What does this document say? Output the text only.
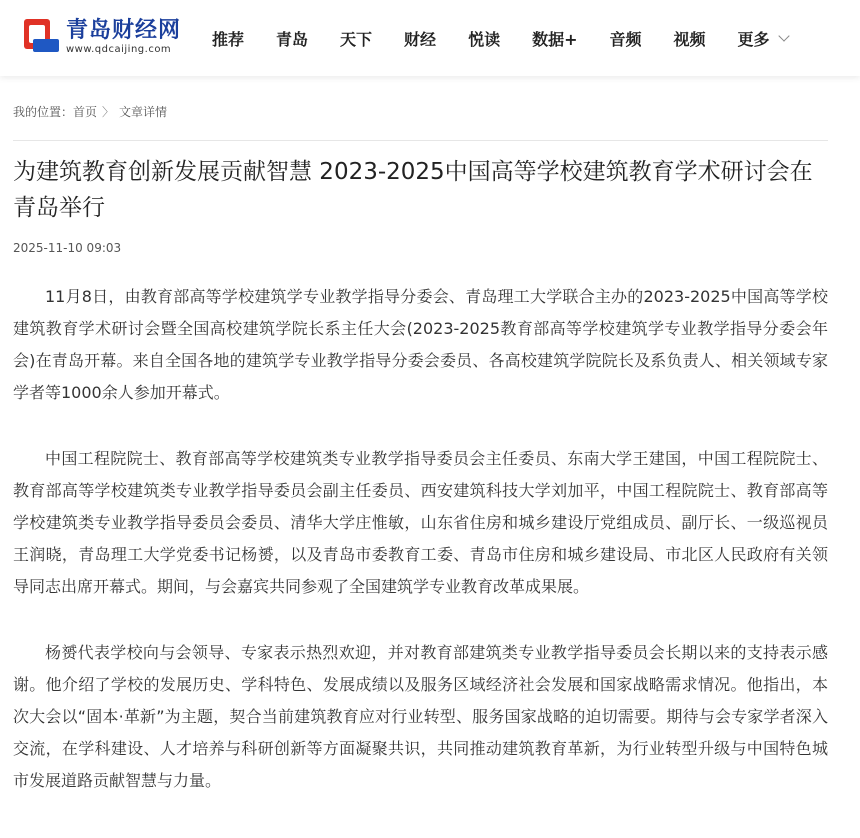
青岛财经网
www.qdcaijing.com
推荐 青岛 天下 财经 悦读 数据+ 音频 视频 更多
我的位置： 首页 〉 文章详情
为建筑教育创新发展贡献智慧 2023-2025中国高等学校建筑教育学术研讨会在青岛举行
2025-11-10 09:03

11月8日，由教育部高等学校建筑学专业教学指导分委会、青岛理工大学联合主办的2023-2025中国高等学校建筑教育学术研讨会暨全国高校建筑学院长系主任大会(2023-2025教育部高等学校建筑学专业教学指导分委会年会)在青岛开幕。来自全国各地的建筑学专业教学指导分委会委员、各高校建筑学院院长及系负责人、相关领域专家学者等1000余人参加开幕式。

中国工程院院士、教育部高等学校建筑类专业教学指导委员会主任委员、东南大学王建国，中国工程院院士、教育部高等学校建筑类专业教学指导委员会副主任委员、西安建筑科技大学刘加平，中国工程院院士、教育部高等学校建筑类专业教学指导委员会委员、清华大学庄惟敏，山东省住房和城乡建设厅党组成员、副厅长、一级巡视员王润晓，青岛理工大学党委书记杨赟，以及青岛市委教育工委、青岛市住房和城乡建设局、市北区人民政府有关领导同志出席开幕式。期间，与会嘉宾共同参观了全国建筑学专业教育改革成果展。

杨赟代表学校向与会领导、专家表示热烈欢迎，并对教育部建筑类专业教学指导委员会长期以来的支持表示感谢。他介绍了学校的发展历史、学科特色、发展成绩以及服务区域经济社会发展和国家战略需求情况。他指出，本次大会以“固本·革新”为主题，契合当前建筑教育应对行业转型、服务国家战略的迫切需要。期待与会专家学者深入交流，在学科建设、人才培养与科研创新等方面凝聚共识，共同推动建筑教育革新，为行业转型升级与中国特色城市发展道路贡献智慧与力量。
